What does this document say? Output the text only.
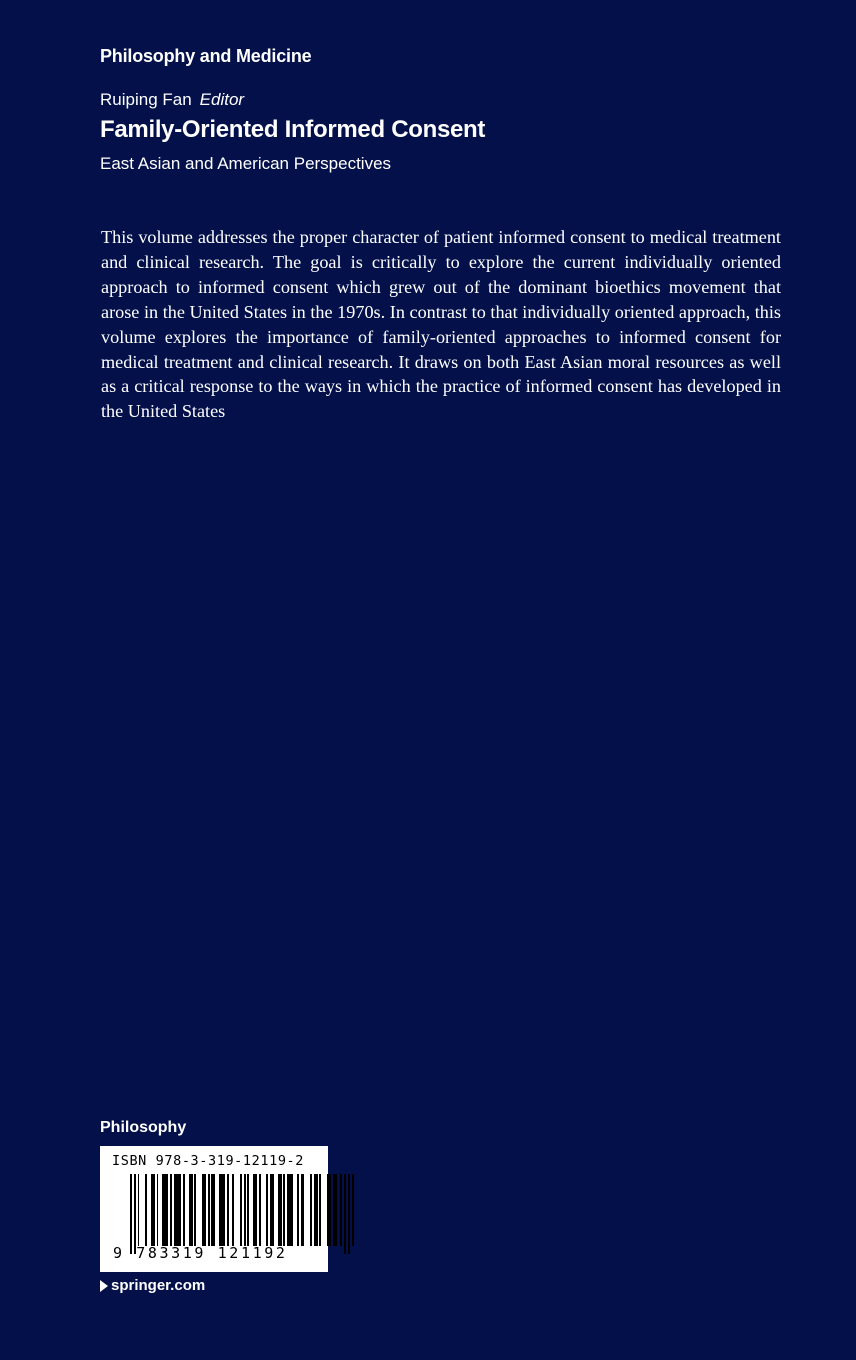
Philosophy and Medicine
Ruiping Fan Editor
Family-Oriented Informed Consent
East Asian and American Perspectives

This volume addresses the proper character of patient informed consent to medical treatment and clinical research. The goal is critically to explore the current individually oriented approach to informed consent which grew out of the dominant bioethics movement that arose in the United States in the 1970s. In contrast to that individually oriented approach, this volume explores the importance of family-oriented approaches to informed consent for medical treatment and clinical research. It draws on both East Asian moral resources as well as a critical response to the ways in which the practice of informed consent has developed in the United States

Philosophy
ISBN 978-3-319-12119-2
9 783319 121192
springer.com
